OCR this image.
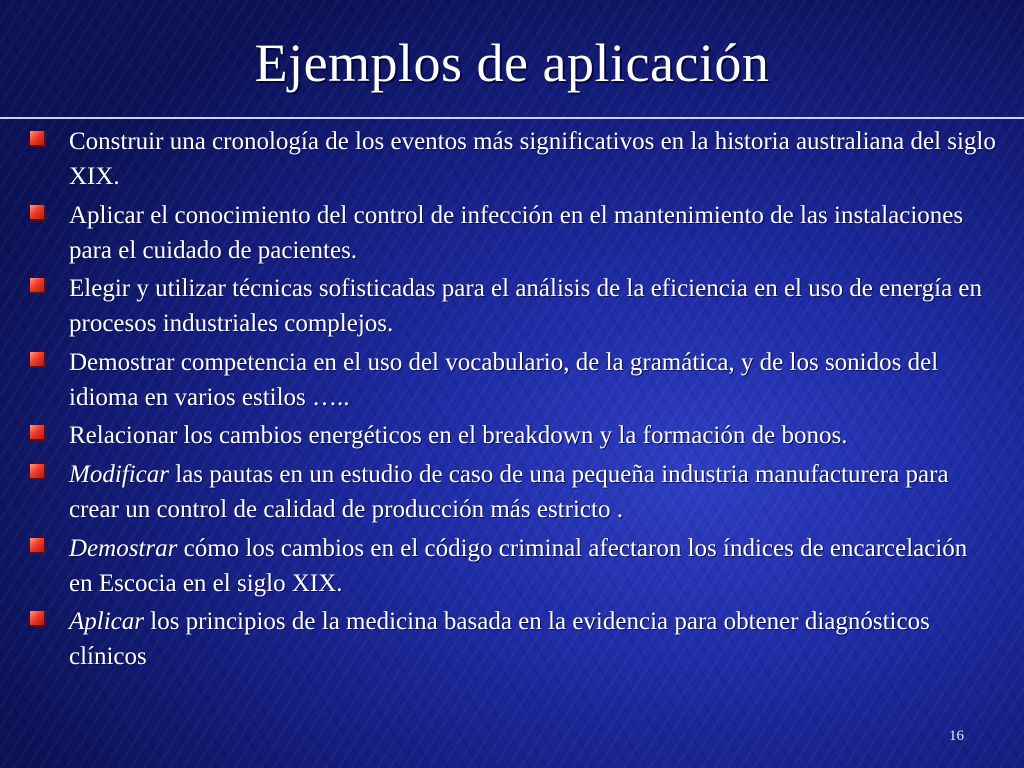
Ejemplos de aplicación
Construir una cronología de los eventos más significativos en la historia australiana del siglo XIX.
Aplicar el conocimiento del control de infección en el mantenimiento de las instalaciones para el cuidado de pacientes.
Elegir y utilizar técnicas sofisticadas para el análisis de la eficiencia en el uso de energía en procesos industriales complejos.
Demostrar competencia en el uso del vocabulario, de la gramática, y de los sonidos del idioma en varios estilos …..
Relacionar los cambios energéticos en el breakdown y la formación de bonos.
Modificar las pautas en un estudio de caso de una pequeña industria manufacturera para crear un control de calidad de producción más estricto .
Demostrar cómo los cambios en el código criminal afectaron los índices de encarcelación en Escocia en el siglo XIX.
Aplicar los principios de la medicina basada en la evidencia para obtener diagnósticos clínicos
16
